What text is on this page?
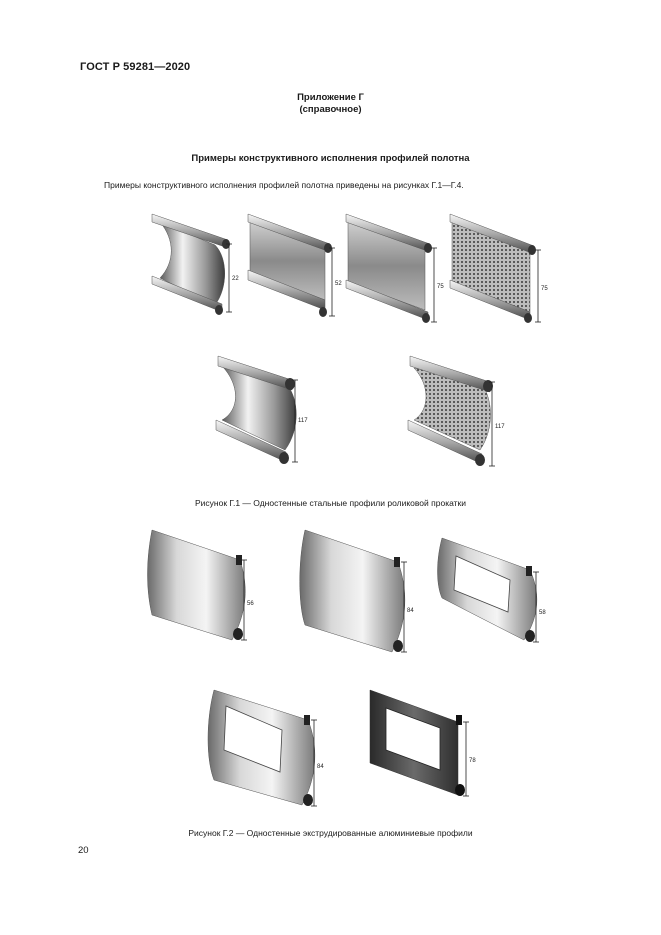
ГОСТ Р 59281—2020
Приложение Г
(справочное)
Примеры конструктивного исполнения профилей полотна
Примеры конструктивного исполнения профилей полотна приведены на рисунках Г.1—Г.4.
22
52	75	75
117
117
56
84	58
84
78
Рисунок Г.1 — Одностенные стальные профили роликовой прокатки
Рисунок Г.2 — Одностенные экструдированные алюминиевые профили
20
